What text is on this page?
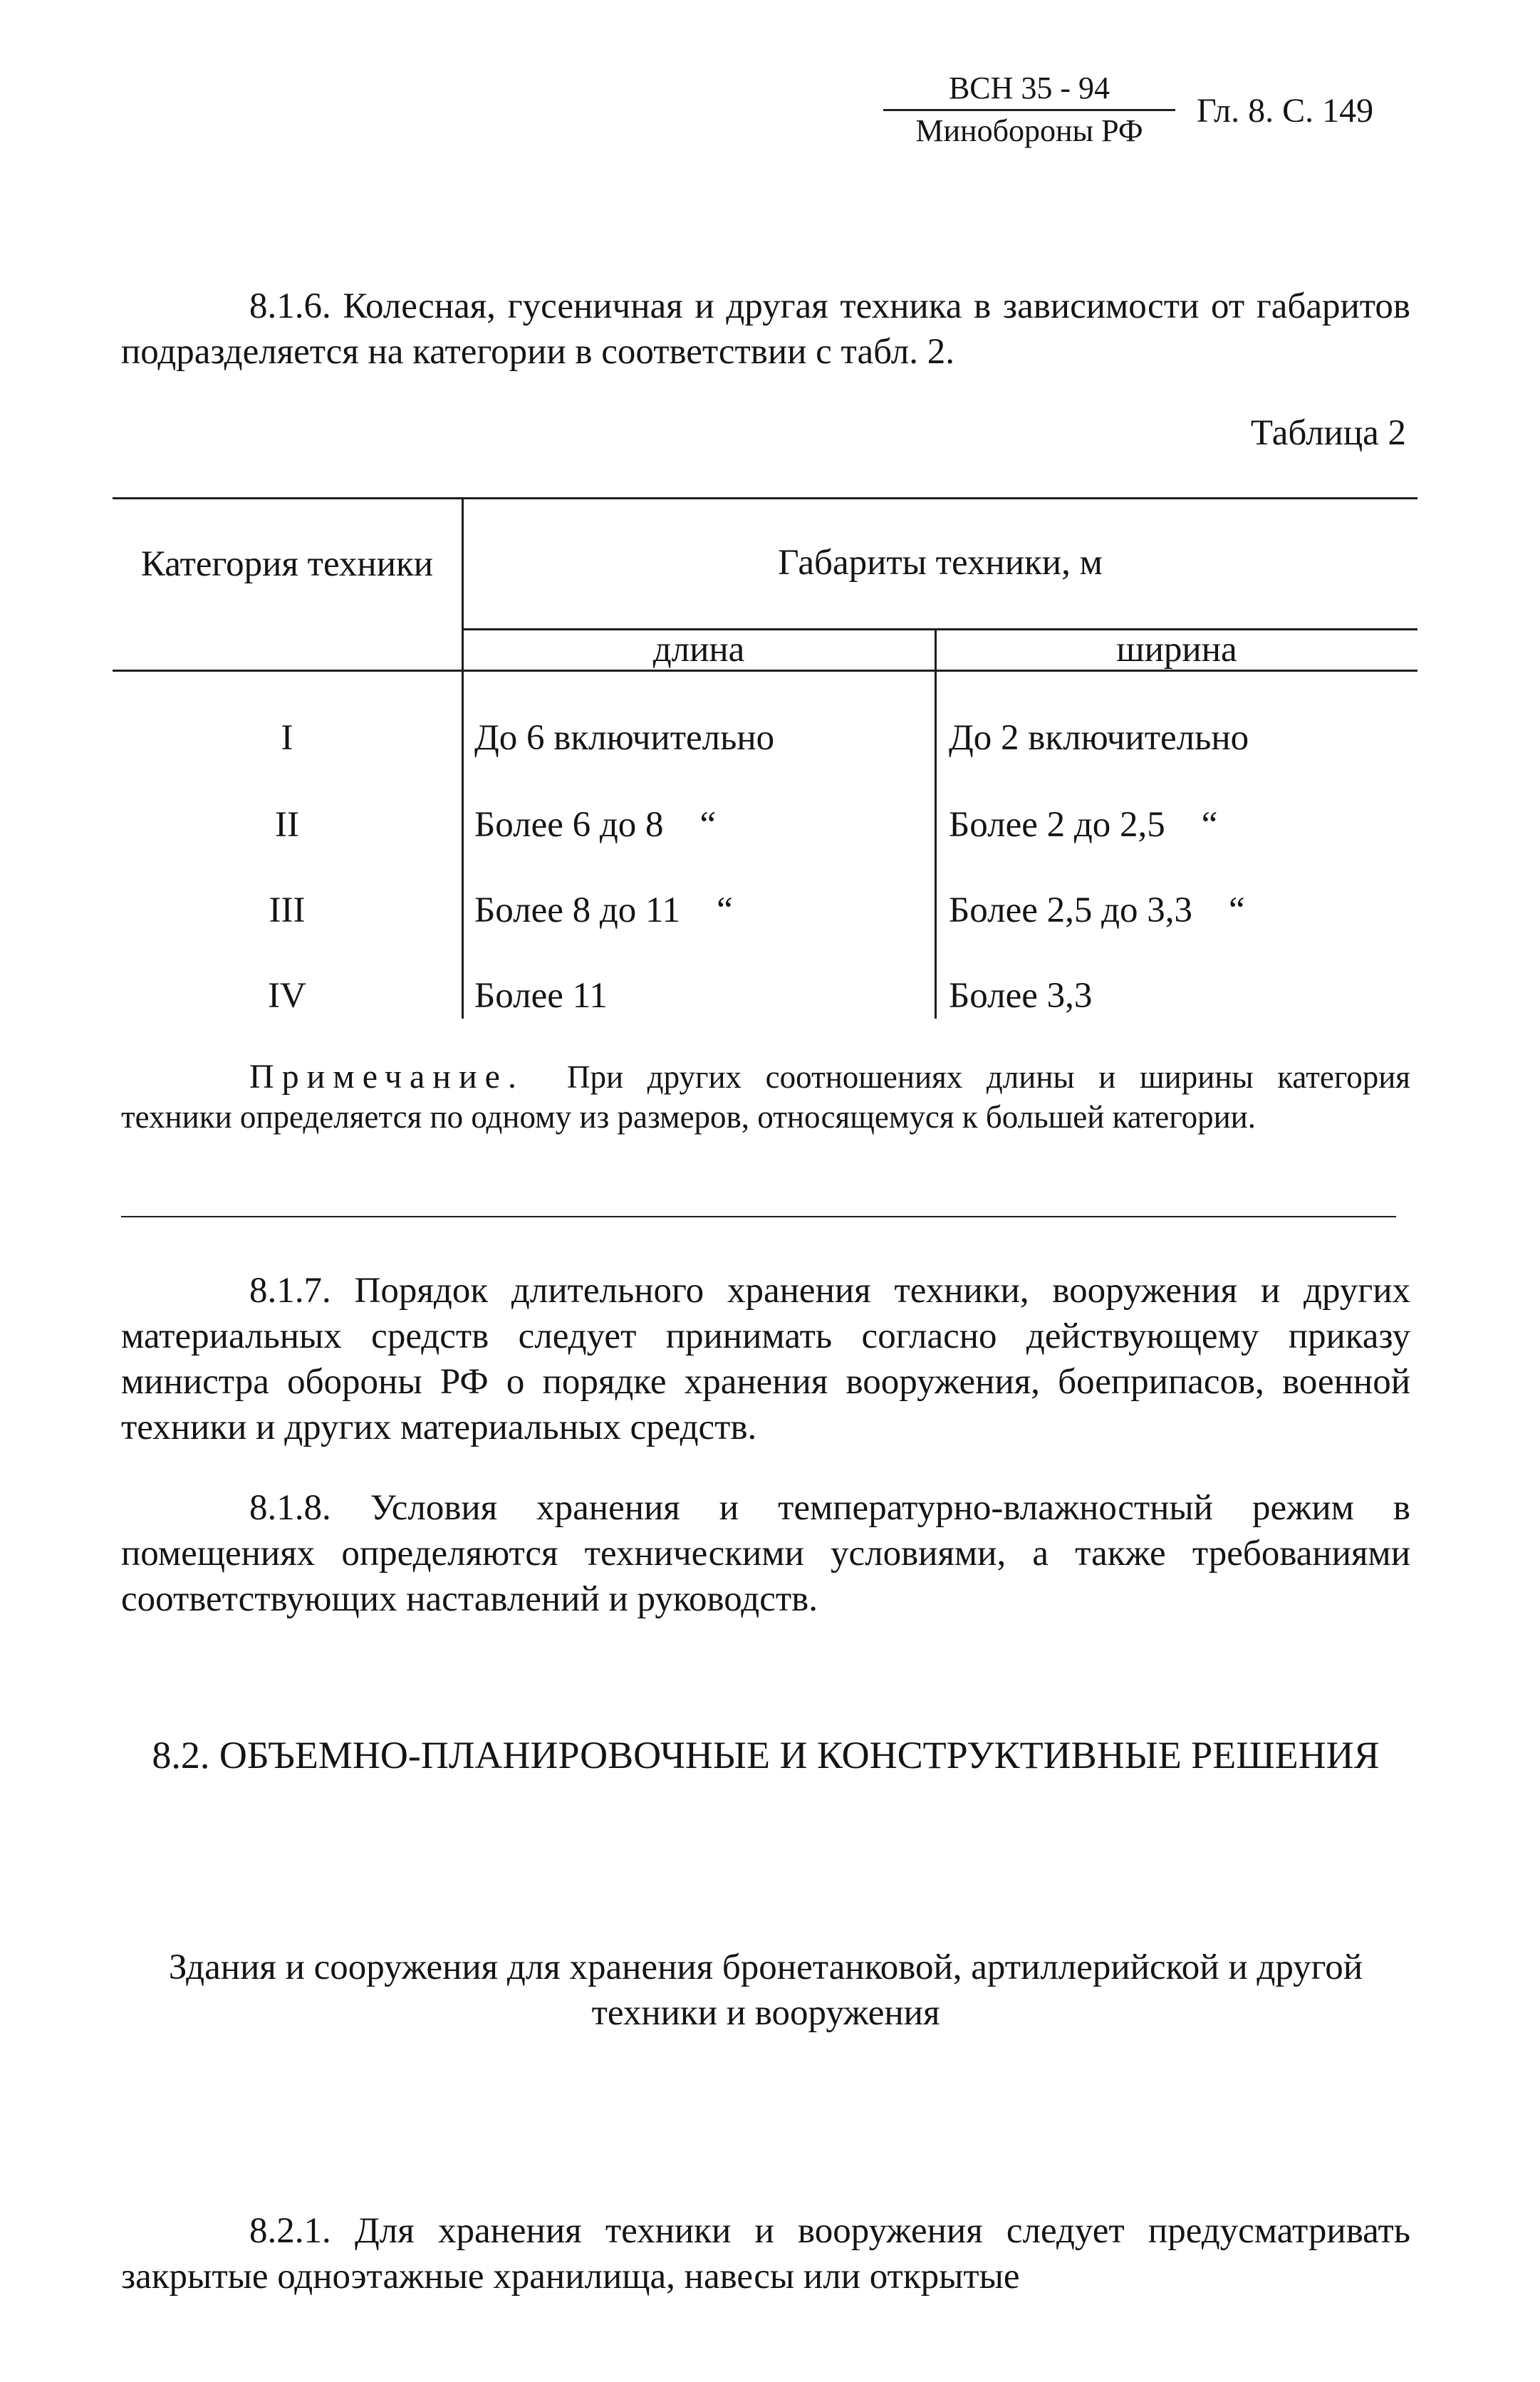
ВСН 35 - 94
Минобороны РФ
Гл. 8. С. 149

8.1.6. Колесная, гусеничная и другая техника в зависимости от габаритов подразделяется на категории в соответствии с табл. 2.

Таблица 2
Категория техники	Габариты техники, м
длина	ширина
I	До 6 включительно	До 2 включительно
II	Более 6 до 8    “	Более 2 до 2,5    “
III	Более 8 до 11    “	Более 2,5 до 3,3    “
IV	Более 11	Более 3,3

Примечание. При других соотношениях длины и ширины категория техники определяется по одному из размеров, относящемуся к большей категории.

8.1.7. Порядок длительного хранения техники, вооружения и других материальных средств следует принимать согласно действующему приказу министра обороны РФ о порядке хранения вооружения, боеприпасов, военной техники и других материальных средств.

8.1.8. Условия хранения и температурно-влажностный режим в помещениях определяются техническими условиями, а также требованиями соответствующих наставлений и руководств.

8.2. ОБЪЕМНО-ПЛАНИРОВОЧНЫЕ И КОНСТРУКТИВНЫЕ РЕШЕНИЯ
Здания и сооружения для хранения бронетанковой, артиллерийской и другой техники и вооружения

8.2.1. Для хранения техники и вооружения следует предусматривать закрытые одноэтажные хранилища, навесы или открытые
